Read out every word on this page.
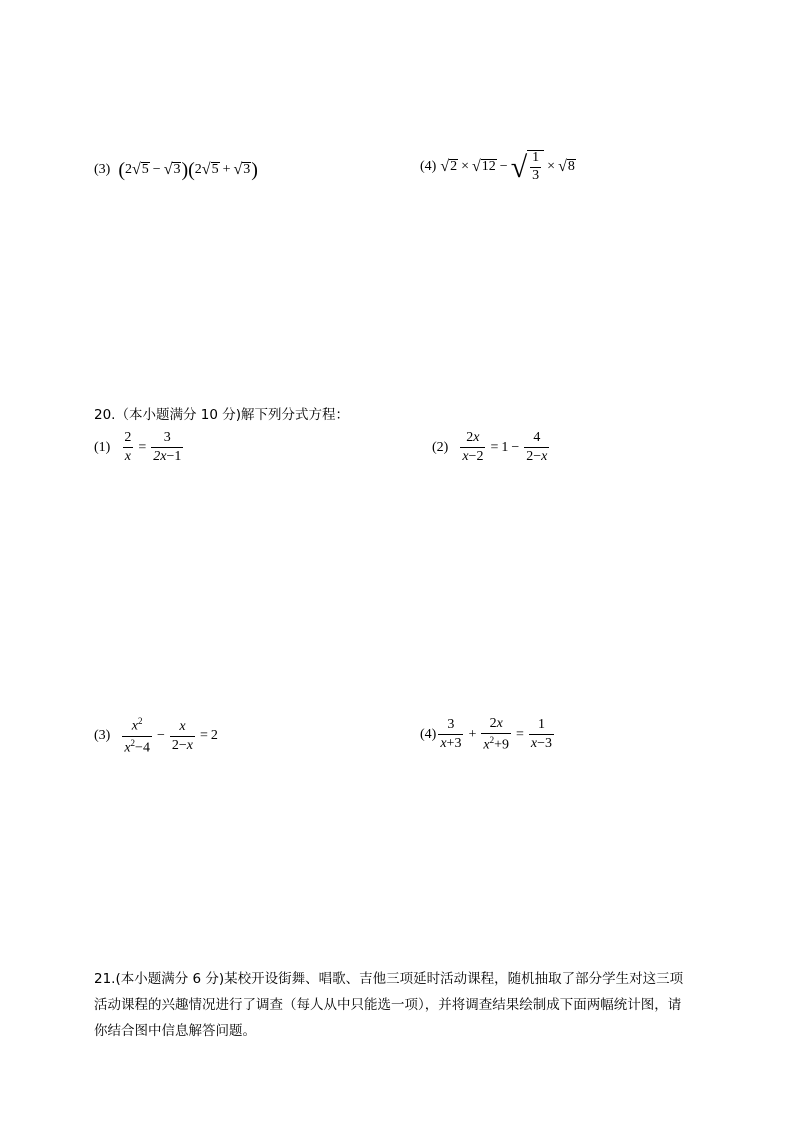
(3) ( 2 √ 5 − √ 3 )( 2 √ 5 + √ 3 )	(4) √ 2 × √ 12 − √ $\frac{1}{3}$ × √ 8
20.（本小题满分 10 分)解下列分式方程：
$(1) \frac{2}{x} = \frac{3}{2x-1}$	$(2) \frac{2x}{x-2} = 1 - \frac{4}{2-x}$
$(3) \frac{x^2}{x^2-4} - \frac{x}{2-x} = 2$	$(4) \frac{3}{x+3} + \frac{2x}{x^2+9} = \frac{1}{x-3}$
21.(本小题满分 6 分)某校开设街舞、唱歌、吉他三项延时活动课程，随机抽取了部分学生对这三项
活动课程的兴趣情况进行了调查（每人从中只能选一项），并将调查结果绘制成下面两幅统计图，请
你结合图中信息解答问题。
